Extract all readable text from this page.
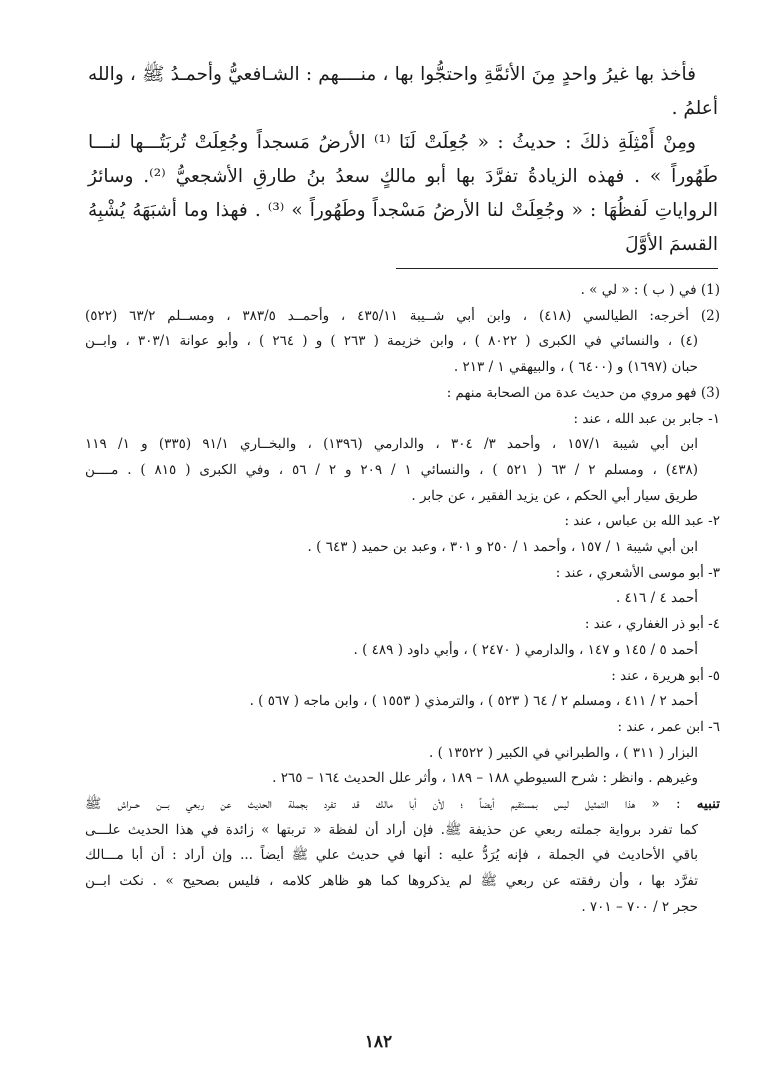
فأخذ بها غيرُ واحدٍ مِنَ الأئمَّةِ واحتجُّوا بها ، منــــهم : الشـافعيُّ وأحمـدُ ﷺ ، والله أعلمُ .

ومِنْ أَمْثِلَةِ ذلكَ : حديثُ : « جُعِلَتْ لَنَا ⁽¹⁾ الأرضُ مَسجداً وجُعِلَتْ تُربَتُـــها لنـــا طَهُوراً » . فهذه الزيادةُ تفرَّدَ بها أبو مالكٍ سعدُ بنُ طارقِ الأشجعيُّ ⁽²⁾. وسائرُ الرواياتِ لَفظُهَا : « وجُعِلَتْ لنا الأرضُ مَسْجداً وطَهُوراً » ⁽³⁾ . فهذا وما أشبَهَهُ يُشْبِهُ القسمَ الأوَّلَ

(1) في ( ب ) : « لي » .
(2) أخرجه: الطيالسي (٤١٨) ، وابن أبي شــيبة ٤٣٥/١١ ، وأحمــد ٣٨٣/٥ ، ومســلم ٦٣/٢ (٥٢٢)
(٤) ، والنسائي في الكبرى ( ٨٠٢٢ ) ، وابن خزيمة ( ٢٦٣ ) و ( ٢٦٤ ) ، وأبو عوانة ٣٠٣/١ ، وابــن
حبان (١٦٩٧) و (٦٤٠٠ ) ، والبيهقي ١ / ٢١٣ .
(3) فهو مروي من حديث عدة من الصحابة منهم :
١- جابر بن عبد الله ، عند :
ابن أبي شيبة ١٥٧/١ ، وأحمد ٣/ ٣٠٤ ، والدارمي (١٣٩٦) ، والبخــاري ٩١/١ (٣٣٥) و ١/ ١١٩
(٤٣٨) ، ومسلم ٢ / ٦٣ ( ٥٢١ ) ، والنسائي ١ / ٢٠٩ و ٢ / ٥٦ ، وفي الكبرى ( ٨١٥ ) . مــــن
طريق سيار أبي الحكم ، عن يزيد الفقير ، عن جابر .
٢- عبد الله بن عباس ، عند :
ابن أبي شيبة ١ / ١٥٧ ، وأحمد ١ / ٢٥٠ و ٣٠١ ، وعبد بن حميد ( ٦٤٣ ) .
٣- أبو موسى الأشعري ، عند :
أحمد ٤ / ٤١٦ .
٤- أبو ذر الغفاري ، عند :
أحمد ٥ / ١٤٥ و ١٤٧ ، والدارمي ( ٢٤٧٠ ) ، وأبي داود ( ٤٨٩ ) .
٥- أبو هريرة ، عند :
أحمد ٢ / ٤١١ ، ومسلم ٢ / ٦٤ ( ٥٢٣ ) ، والترمذي ( ١٥٥٣ ) ، وابن ماجه ( ٥٦٧ ) .
٦- ابن عمر ، عند :
البزار ( ٣١١ ) ، والطبراني في الكبير ( ١٣٥٢٢ ) .
وغيرهم . وانظر : شرح السيوطي ١٨٨ – ١٨٩ ، وأثر علل الحديث ١٦٤ – ٢٦٥ .
تنبيه : « هذا التمثيل ليس بمستقيم أيضاً ؛ لأن أبا مالك قد تفرد بجملة الحديث عن ربعي بـــن حــراش ﷺ
كما تفرد برواية جملته ربعي عن حذيفة ﷺ. فإن أراد أن لفظة « تربتها » زائدة في هذا الحديث علـــى
باقي الأحاديث في الجملة ، فإنه يُرَدُّ عليه : أنها في حديث علي ﷺ أيضاً ... وإن أراد : أن أبا مـــالك
تفرَّد بها ، وأن رفقته عن ربعي ﷺ لم يذكروها كما هو ظاهر كلامه ، فليس بصحيح » . نكت ابــن
حجر ٢ / ٧٠٠ – ٧٠١ .
١٨٢
